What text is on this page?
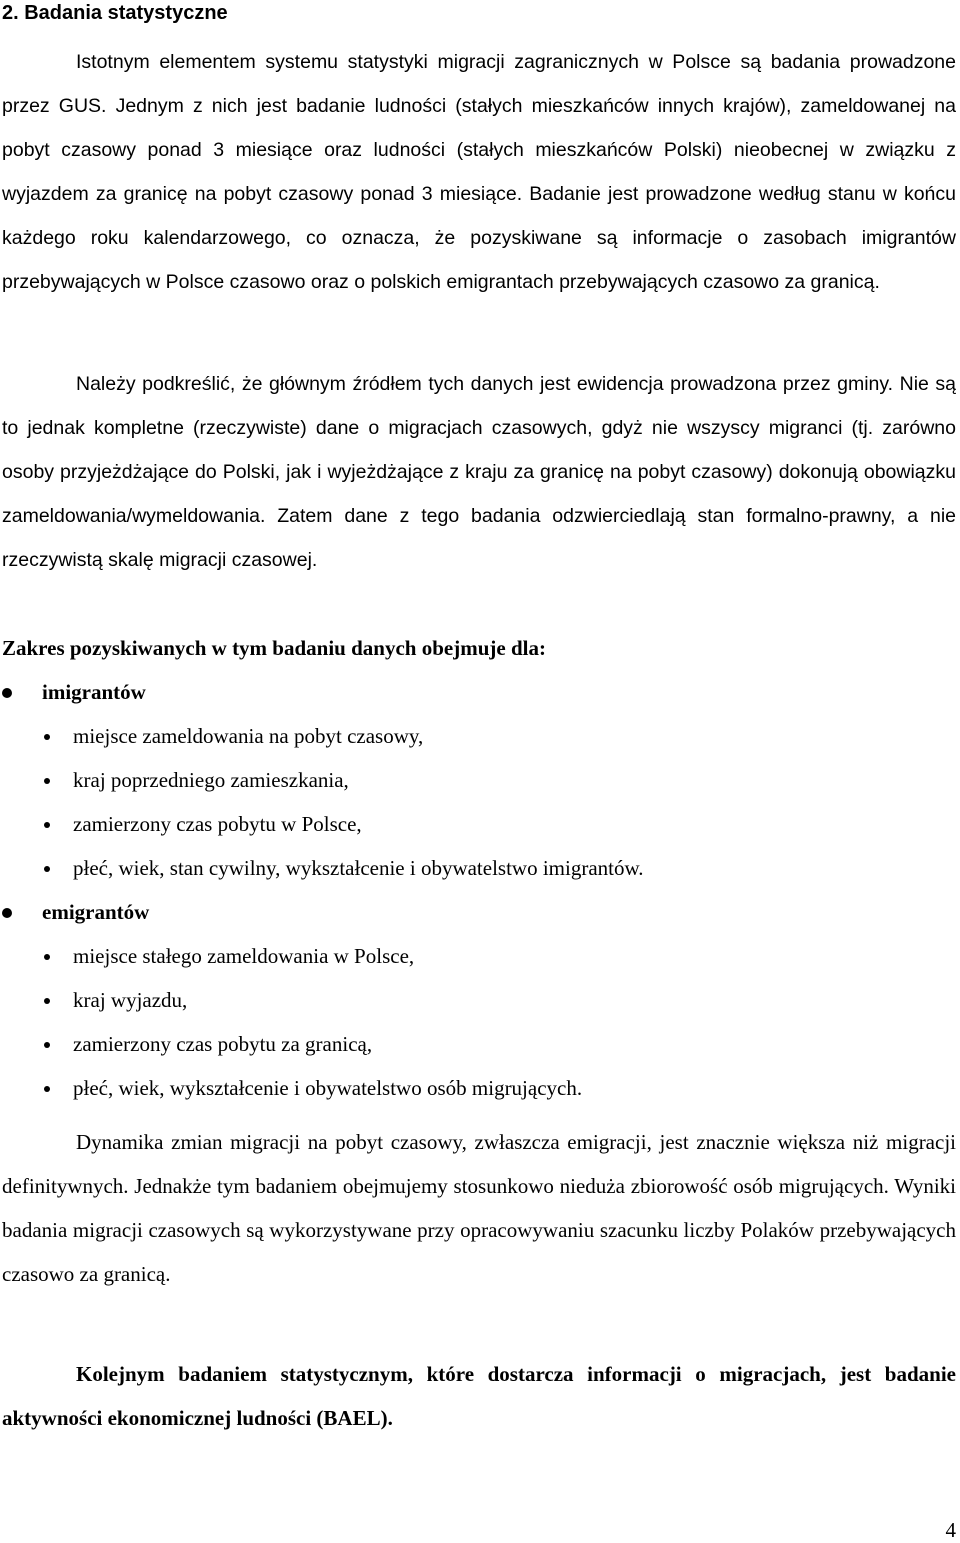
2. Badania statystyczne

Istotnym elementem systemu statystyki migracji zagranicznych w Polsce są badania prowadzone przez GUS. Jednym z nich jest badanie ludności (stałych mieszkańców innych krajów), zameldowanej na pobyt czasowy ponad 3 miesiące oraz ludności (stałych mieszkańców Polski) nieobecnej w związku z wyjazdem za granicę na pobyt czasowy ponad 3 miesiące. Badanie jest prowadzone według stanu w końcu każdego roku kalendarzowego, co oznacza, że pozyskiwane są informacje o zasobach imigrantów przebywających w Polsce czasowo oraz o polskich emigrantach przebywających czasowo za granicą.

Należy podkreślić, że głównym źródłem tych danych jest ewidencja prowadzona przez gminy. Nie są to jednak kompletne (rzeczywiste) dane o migracjach czasowych, gdyż nie wszyscy migranci (tj. zarówno osoby przyjeżdżające do Polski, jak i wyjeżdżające z kraju za granicę na pobyt czasowy) dokonują obowiązku zameldowania/wymeldowania. Zatem dane z tego badania odzwierciedlają stan formalno-prawny, a nie rzeczywistą skalę migracji czasowej.

Zakres pozyskiwanych w tym badaniu danych obejmuje dla:

imigrantów

miejsce zameldowania na pobyt czasowy,

kraj poprzedniego zamieszkania,

zamierzony czas pobytu w Polsce,

płeć, wiek, stan cywilny, wykształcenie i obywatelstwo imigrantów.

emigrantów

miejsce stałego zameldowania w Polsce,

kraj wyjazdu,

zamierzony czas pobytu za granicą,

płeć, wiek, wykształcenie i obywatelstwo osób migrujących.

Dynamika zmian migracji na pobyt czasowy, zwłaszcza emigracji, jest znacznie większa niż migracji definitywnych. Jednakże tym badaniem obejmujemy stosunkowo nieduża zbiorowość osób migrujących. Wyniki badania migracji czasowych są wykorzystywane przy opracowywaniu szacunku liczby Polaków przebywających czasowo za granicą.

Kolejnym badaniem statystycznym, które dostarcza informacji o migracjach, jest badanie aktywności ekonomicznej ludności (BAEL).

4
